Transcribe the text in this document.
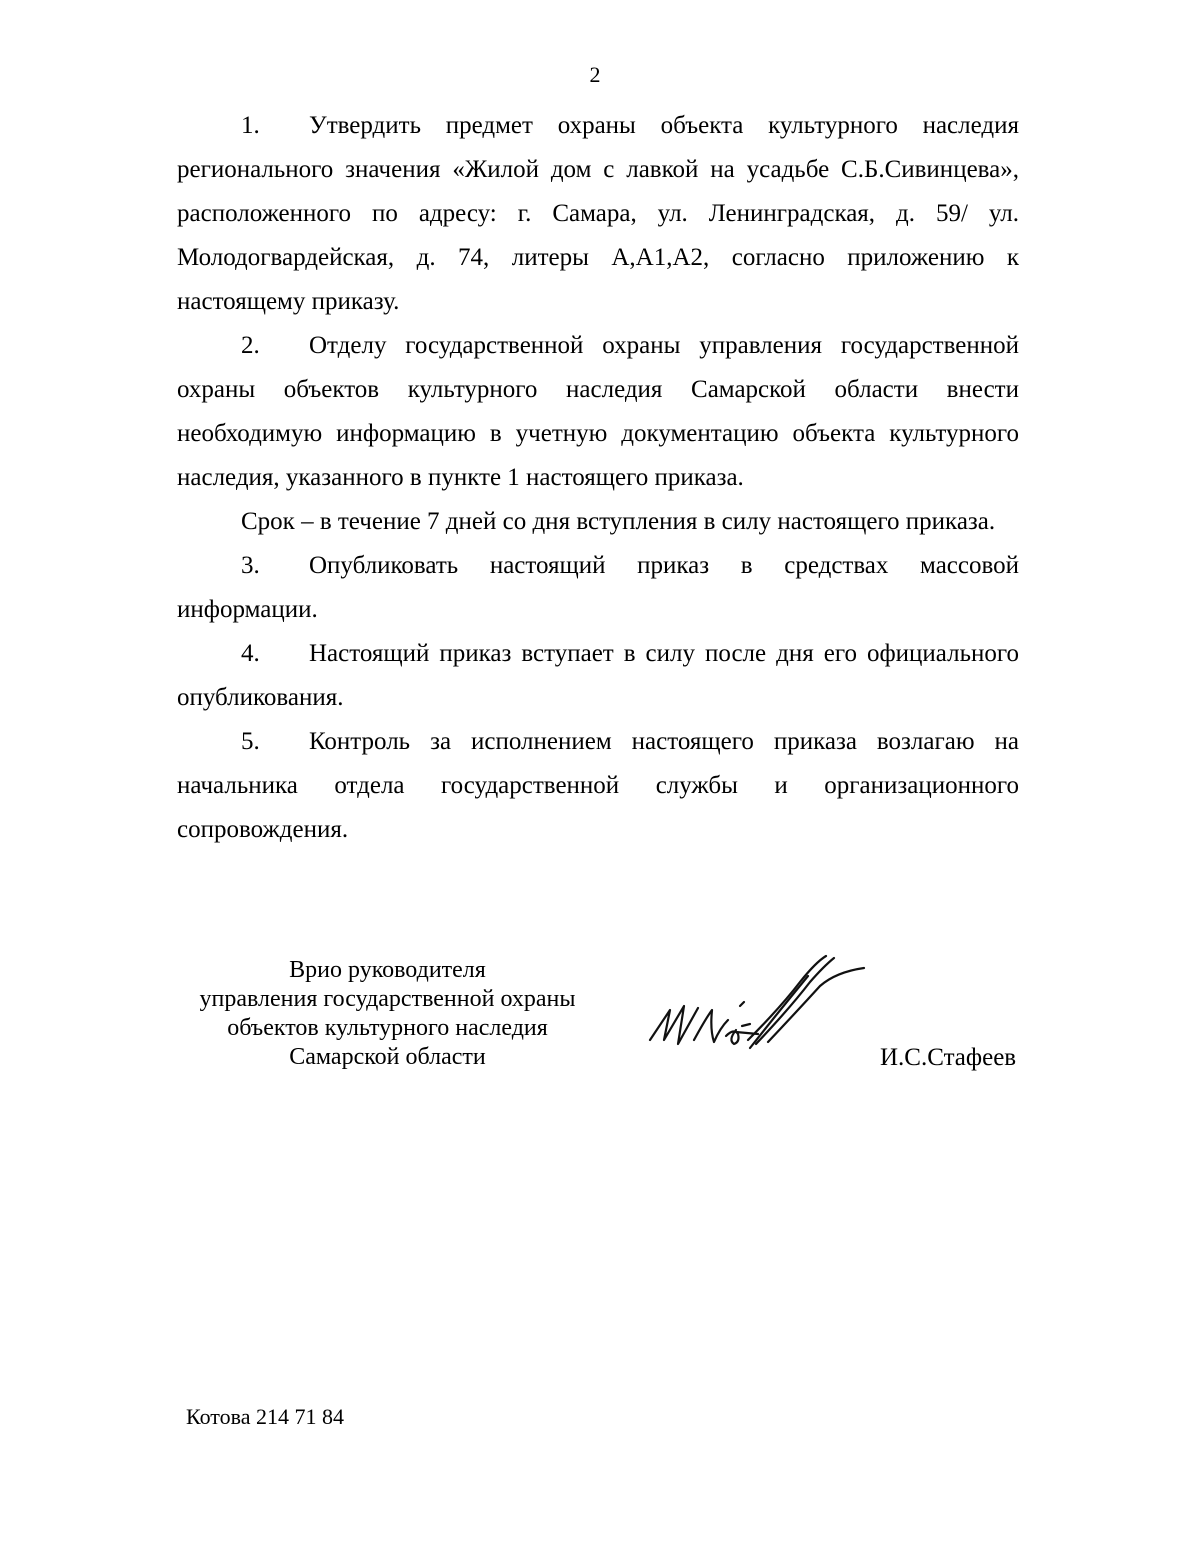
2

1. Утвердить предмет охраны объекта культурного наследия регионального значения «Жилой дом с лавкой на усадьбе С.Б.Сивинцева», расположенного по адресу: г. Самара, ул. Ленинградская, д. 59/ ул. Молодогвардейская, д. 74, литеры А,А1,А2, согласно приложению к настоящему приказу.

2. Отделу государственной охраны управления государственной охраны объектов культурного наследия Самарской области внести необходимую информацию в учетную документацию объекта культурного наследия, указанного в пункте 1 настоящего приказа.

Срок – в течение 7 дней со дня вступления в силу настоящего приказа.

3. Опубликовать настоящий приказ в средствах массовой информации.

4. Настоящий приказ вступает в силу после дня его официального опубликования.

5. Контроль за исполнением настоящего приказа возлагаю на начальника отдела государственной службы и организационного сопровождения.

Врио руководителя
управления государственной охраны
объектов культурного наследия
Самарской области	И.С.Стафеев
Котова 214 71 84
